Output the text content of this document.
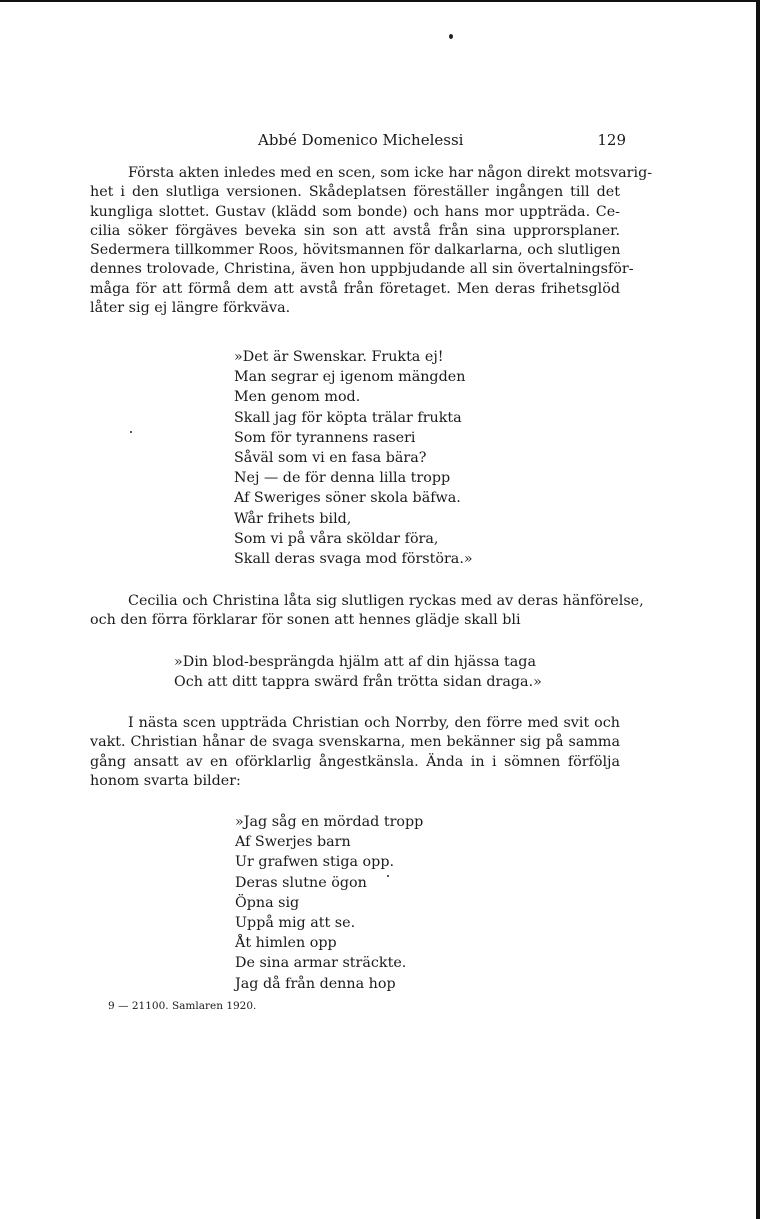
Abbé Domenico Michelessi	129
Första akten inledes med en scen, som icke har någon direkt motsvarig-
het i den slutliga versionen. Skådeplatsen föreställer ingången till det
kungliga slottet. Gustav (klädd som bonde) och hans mor uppträda. Ce-
cilia söker förgäves beveka sin son att avstå från sina upprorsplaner.
Sedermera tillkommer Roos, hövitsmannen för dalkarlarna, och slutligen
dennes trolovade, Christina, även hon uppbjudande all sin övertalningsför-
måga för att förmå dem att avstå från företaget. Men deras frihetsglöd
låter sig ej längre förkväva.
»Det är Swenskar. Frukta ej!
Man segrar ej igenom mängden
Men genom mod.
Skall jag för köpta trälar frukta
Som för tyrannens raseri
Såväl som vi en fasa bära?
Nej — de för denna lilla tropp
Af Sweriges söner skola bäfwa.
Wår frihets bild,
Som vi på våra sköldar föra,
Skall deras svaga mod förstöra.»
Cecilia och Christina låta sig slutligen ryckas med av deras hänförelse,
och den förra förklarar för sonen att hennes glädje skall bli
»Din blod-besprängda hjälm att af din hjässa taga
Och att ditt tappra swärd från trötta sidan draga.»
I nästa scen uppträda Christian och Norrby, den förre med svit och
vakt. Christian hånar de svaga svenskarna, men bekänner sig på samma
gång ansatt av en oförklarlig ångestkänsla. Ända in i sömnen förfölja
honom svarta bilder:
»Jag såg en mördad tropp
Af Swerjes barn
Ur grafwen stiga opp.
Deras slutne ögon
Öpna sig
Uppå mig att se.
Åt himlen opp
De sina armar sträckte.
Jag då från denna hop
9 — 21100. Samlaren 1920.
